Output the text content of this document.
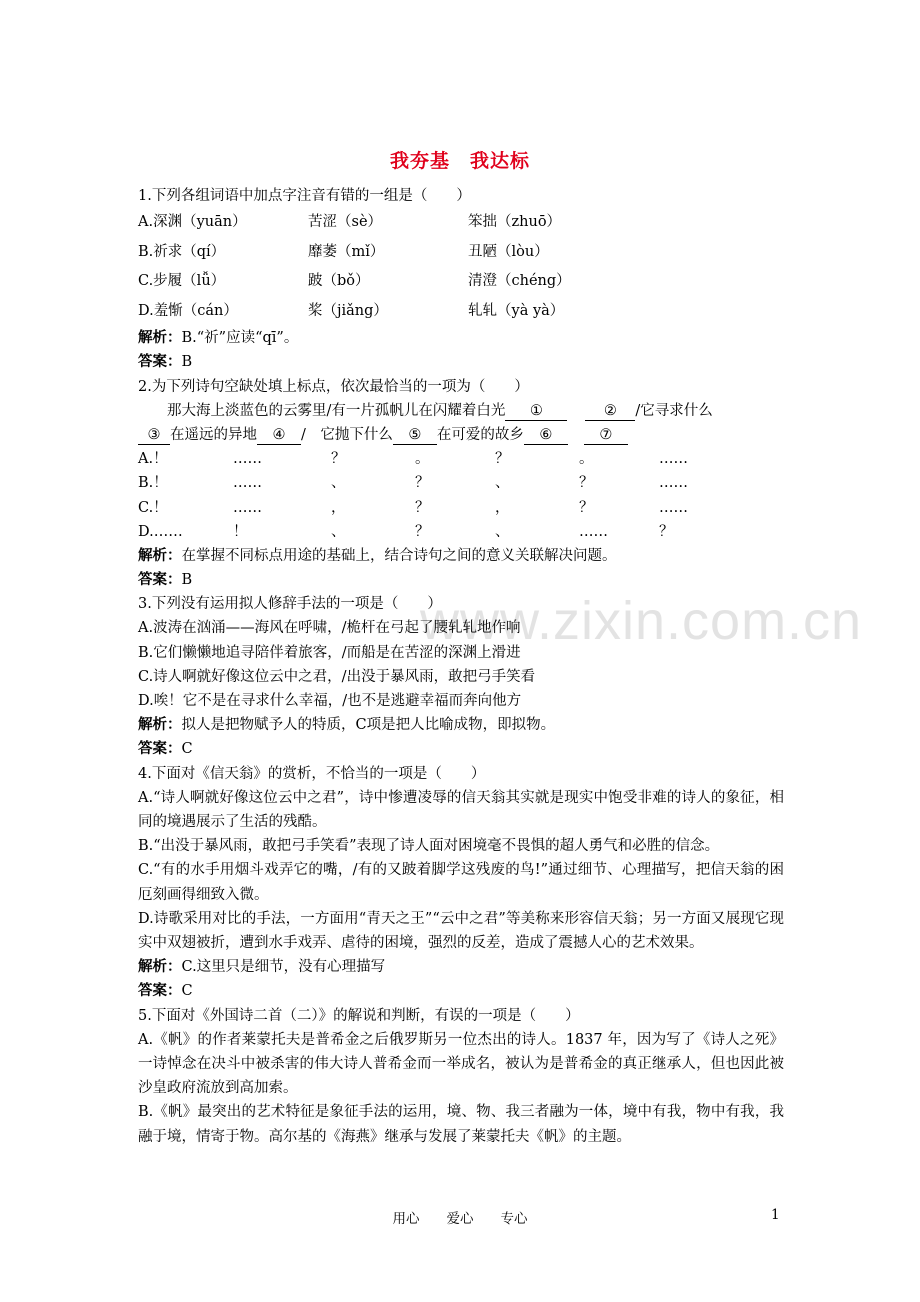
www.zixin.com.cn
我夯基　我达标
1.下列各组词语中加点字注音有错的一组是（　　）
A.深渊（yuān）	苦涩（sè）	笨拙（zhuō）
B.祈求（qí）	靡萎（mǐ）	丑陋（lòu）
C.步履（lǚ）	跛（bǒ）	清澄（chéng）
D.羞惭（cán）	桨（jiǎng）	轧轧（yà yà）
解析：B.“祈”应读“qī”。
答案：B
2.为下列诗句空缺处填上标点，依次最恰当的一项为（　　）
那大海上淡蓝色的云雾里/有一片孤帆儿在闪耀着白光 ①	② /它寻求什么
③ 在遥远的异地 ④ /　它抛下什么 ⑤ 在可爱的故乡 ⑥	⑦
A.！	……	？	。	？	。	……
B.！	……	、	？	、	？	……
C.！	……	，	？	，	？	……
D.……	！	、	？	、	……	？
解析：在掌握不同标点用途的基础上，结合诗句之间的意义关联解决问题。
答案：B
3.下列没有运用拟人修辞手法的一项是（　　）
A.波涛在汹涌——海风在呼啸，/桅杆在弓起了腰轧轧地作响
B.它们懒懒地追寻陪伴着旅客，/而船是在苦涩的深渊上滑进
C.诗人啊就好像这位云中之君，/出没于暴风雨，敢把弓手笑看
D.唉！它不是在寻求什么幸福，/也不是逃避幸福而奔向他方
解析：拟人是把物赋予人的特质，C项是把人比喻成物，即拟物。
答案：C
4.下面对《信天翁》的赏析，不恰当的一项是（　　）
A.“诗人啊就好像这位云中之君”，诗中惨遭凌辱的信天翁其实就是现实中饱受非难的诗人的象征，相同的境遇展示了生活的残酷。
B.“出没于暴风雨，敢把弓手笑看”表现了诗人面对困境毫不畏惧的超人勇气和必胜的信念。
C.“有的水手用烟斗戏弄它的嘴，/有的又跛着脚学这残废的鸟!”通过细节、心理描写，把信天翁的困厄刻画得细致入微。
D.诗歌采用对比的手法，一方面用“青天之王”“云中之君”等美称来形容信天翁；另一方面又展现它现实中双翅被折，遭到水手戏弄、虐待的困境，强烈的反差，造成了震撼人心的艺术效果。
解析：C.这里只是细节，没有心理描写
答案：C
5.下面对《外国诗二首（二）》的解说和判断，有误的一项是（　　）
A.《帆》的作者莱蒙托夫是普希金之后俄罗斯另一位杰出的诗人。1837 年，因为写了《诗人之死》一诗悼念在决斗中被杀害的伟大诗人普希金而一举成名，被认为是普希金的真正继承人，但也因此被沙皇政府流放到高加索。
B.《帆》最突出的艺术特征是象征手法的运用，境、物、我三者融为一体，境中有我，物中有我，我融于境，情寄于物。高尔基的《海燕》继承与发展了莱蒙托夫《帆》的主题。
用心　　爱心　　专心	1
